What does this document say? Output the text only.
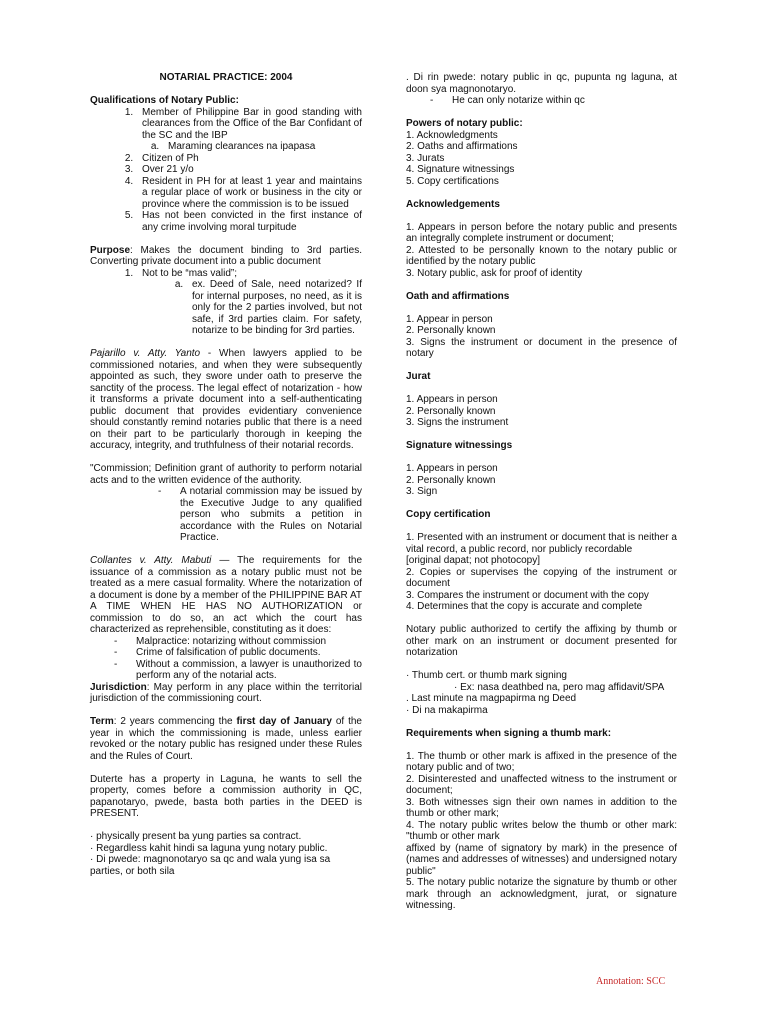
NOTARIAL PRACTICE: 2004

Qualifications of Notary Public:

1. Member of Philippine Bar in good standing with clearances from the Office of the Bar Confidant of the SC and the IBP
a. Maraming clearances na ipapasa
2. Citizen of Ph
3. Over 21 y/o
4. Resident in PH for at least 1 year and maintains a regular place of work or business in the city or province where the commission is to be issued
5. Has not been convicted in the first instance of any crime involving moral turpitude

Purpose: Makes the document binding to 3rd parties. Converting private document into a public document

1. Not to be “mas valid”;
a. ex. Deed of Sale, need notarized? If for internal purposes, no need, as it is only for the 2 parties involved, but not safe, if 3rd parties claim. For safety, notarize to be binding for 3rd parties.

Pajarillo v. Atty. Yanto - When lawyers applied to be commissioned notaries, and when they were subsequently appointed as such, they swore under oath to preserve the sanctity of the process. The legal effect of notarization - how it transforms a private document into a self-authenticating public document that provides evidentiary convenience should constantly remind notaries public that there is a need on their part to be particularly thorough in keeping the accuracy, integrity, and truthfulness of their notarial records.

"Commission; Definition grant of authority to perform notarial acts and to the written evidence of the authority.

- A notarial commission may be issued by the Executive Judge to any qualified person who submits a petition in accordance with the Rules on Notarial Practice.

Collantes v. Atty. Mabuti — The requirements for the issuance of a commission as a notary public must not be treated as a mere casual formality. Where the notarization of a document is done by a member of the PHILIPPINE BAR AT A TIME WHEN HE HAS NO AUTHORIZATION or commission to do so, an act which the court has characterized as reprehensible, constituting as it does:

- Malpractice: notarizing without commission
- Crime of falsification of public documents.
- Without a commission, a lawyer is unauthorized to perform any of the notarial acts.

Jurisdiction: May perform in any place within the territorial jurisdiction of the commissioning court.

Term: 2 years commencing the first day of January of the year in which the commissioning is made, unless earlier revoked or the notary public has resigned under these Rules and the Rules of Court.

Duterte has a property in Laguna, he wants to sell the property, comes before a commission authority in QC, papanotaryo, pwede, basta both parties in the DEED is PRESENT.

· physically present ba yung parties sa contract.

· Regardless kahit hindi sa laguna yung notary public.

· Di pwede: magnonotaryo sa qc and wala yung isa sa parties, or both sila

. Di rin pwede: notary public in qc, pupunta ng laguna, at doon sya magnonotaryo.

- He can only notarize within qc

Powers of notary public:

1. Acknowledgments

2. Oaths and affirmations

3. Jurats

4. Signature witnessings

5. Copy certifications

Acknowledgements

1. Appears in person before the notary public and presents an integrally complete instrument or document;

2. Attested to be personally known to the notary public or identified by the notary public

3. Notary public, ask for proof of identity

Oath and affirmations

1. Appear in person

2. Personally known

3. Signs the instrument or document in the presence of notary

Jurat

1. Appears in person

2. Personally known

3. Signs the instrument

Signature witnessings

1. Appears in person

2. Personally known

3. Sign

Copy certification

1. Presented with an instrument or document that is neither a vital record, a public record, nor publicly recordable

[original dapat; not photocopy]

2. Copies or supervises the copying of the instrument or document

3. Compares the instrument or document with the copy

4. Determines that the copy is accurate and complete

Notary public authorized to certify the affixing by thumb or other mark on an instrument or document presented for notarization

· Thumb cert. or thumb mark signing

· Ex: nasa deathbed na, pero mag affidavit/SPA

. Last minute na magpapirma ng Deed

· Di na makapirma

Requirements when signing a thumb mark:

1. The thumb or other mark is affixed in the presence of the notary public and of two;

2. Disinterested and unaffected witness to the instrument or document;

3. Both witnesses sign their own names in addition to the thumb or other mark;

4. The notary public writes below the thumb or other mark: "thumb or other mark

affixed by (name of signatory by mark) in the presence of (names and addresses of witnesses) and undersigned notary public"

5. The notary public notarize the signature by thumb or other mark through an acknowledgment, jurat, or signature witnessing.

Annotation: SCC
